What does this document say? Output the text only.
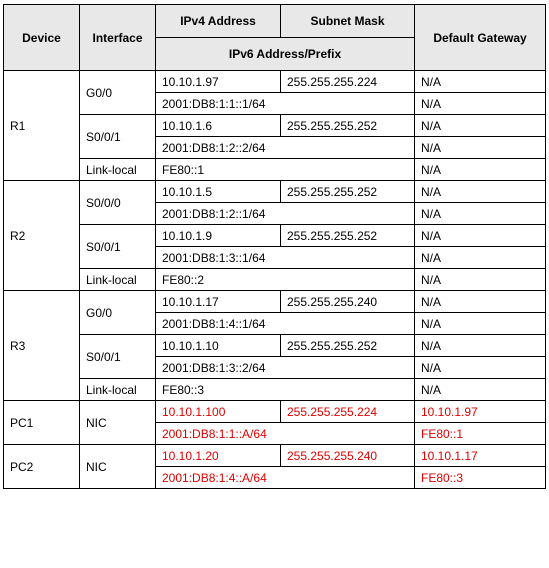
Device	Interface	IPv4 Address	Subnet Mask	Default Gateway
		IPv6 Address/Prefix		
R1	G0/0	10.10.1.97	255.255.255.224	N/A
		2001:DB8:1:1::1/64		N/A
	S0/0/1	10.10.1.6	255.255.255.252	N/A
		2001:DB8:1:2::2/64		N/A
	Link-local	FE80::1		N/A
R2	S0/0/0	10.10.1.5	255.255.255.252	N/A
		2001:DB8:1:2::1/64		N/A
	S0/0/1	10.10.1.9	255.255.255.252	N/A
		2001:DB8:1:3::1/64		N/A
	Link-local	FE80::2		N/A
R3	G0/0	10.10.1.17	255.255.255.240	N/A
		2001:DB8:1:4::1/64		N/A
	S0/0/1	10.10.1.10	255.255.255.252	N/A
		2001:DB8:1:3::2/64		N/A
	Link-local	FE80::3		N/A
PC1	NIC	10.10.1.100	255.255.255.224	10.10.1.97
		2001:DB8:1:1::A/64		FE80::1
PC2	NIC	10.10.1.20	255.255.255.240	10.10.1.17
		2001:DB8:1:4::A/64		FE80::3
